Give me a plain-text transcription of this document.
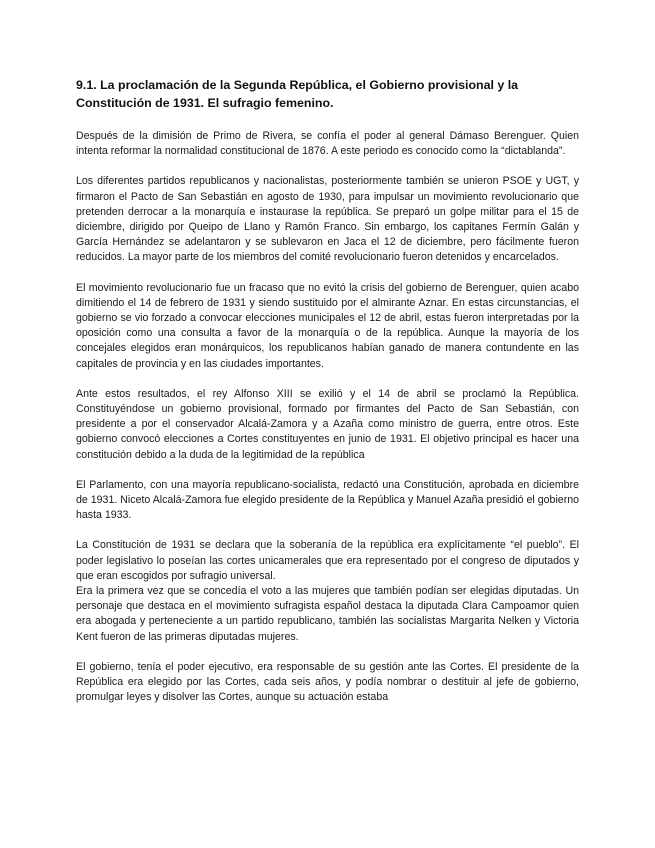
9.1. La proclamación de la Segunda República, el Gobierno provisional y la Constitución de 1931. El sufragio femenino.

Después de la dimisión de Primo de Rivera, se confía el poder al general Dámaso Berenguer. Quien intenta reformar la normalidad constitucional de 1876. A este periodo es conocido como la “dictablanda”.

Los diferentes partidos republicanos y nacionalistas, posteriormente también se unieron PSOE y UGT, y firmaron el Pacto de San Sebastián en agosto de 1930, para impulsar un movimiento revolucionario que pretenden derrocar a la monarquía e instaurase la república. Se preparó un golpe militar para el 15 de diciembre, dirigido por Queipo de Llano y Ramón Franco. Sin embargo, los capitanes Fermín Galán y García Hernández se adelantaron y se sublevaron en Jaca el 12 de diciembre, pero fácilmente fueron reducidos. La mayor parte de los miembros del comité revolucionario fueron detenidos y encarcelados.

El movimiento revolucionario fue un fracaso que no evitó la crisis del gobierno de Berenguer, quien acabo dimitiendo el 14 de febrero de 1931 y siendo sustituido por el almirante Aznar. En estas circunstancias, el gobierno se vio forzado a convocar elecciones municipales el 12 de abril, estas fueron interpretadas por la oposición como una consulta a favor de la monarquía o de la república. Aunque la mayoría de los concejales elegidos eran monárquicos, los republicanos habían ganado de manera contundente en las capitales de provincia y en las ciudades importantes.

Ante estos resultados, el rey Alfonso XIII se exilió y el 14 de abril se proclamó la República. Constituyéndose un gobierno provisional, formado por firmantes del Pacto de San Sebastián, con presidente a por el conservador Alcalá-Zamora y a Azaña como ministro de guerra, entre otros. Este gobierno convocó elecciones a Cortes constituyentes en junio de 1931. El objetivo principal es hacer una constitución debido a la duda de la legitimidad de la república

El Parlamento, con una mayoría republicano-socialista, redactó una Constitución, aprobada en diciembre de 1931. Niceto Alcalá-Zamora fue elegido presidente de la República y Manuel Azaña presidió el gobierno hasta 1933.

La Constitución de 1931 se declara que la soberanía de la república era explícitamente “el pueblo”. El poder legislativo lo poseían las cortes unicamerales que era representado por el congreso de diputados y que eran escogidos por sufragio universal.

Era la primera vez que se concedía el voto a las mujeres que también podían ser elegidas diputadas. Un personaje que destaca en el movimiento sufragista español destaca la diputada Clara Campoamor quien era abogada y perteneciente a un partido republicano, también las socialistas Margarita Nelken y Victoria Kent fueron de las primeras diputadas mujeres.

El gobierno, tenía el poder ejecutivo, era responsable de su gestión ante las Cortes. El presidente de la República era elegido por las Cortes, cada seis años, y podía nombrar o destituir al jefe de gobierno, promulgar leyes y disolver las Cortes, aunque su actuación estaba
